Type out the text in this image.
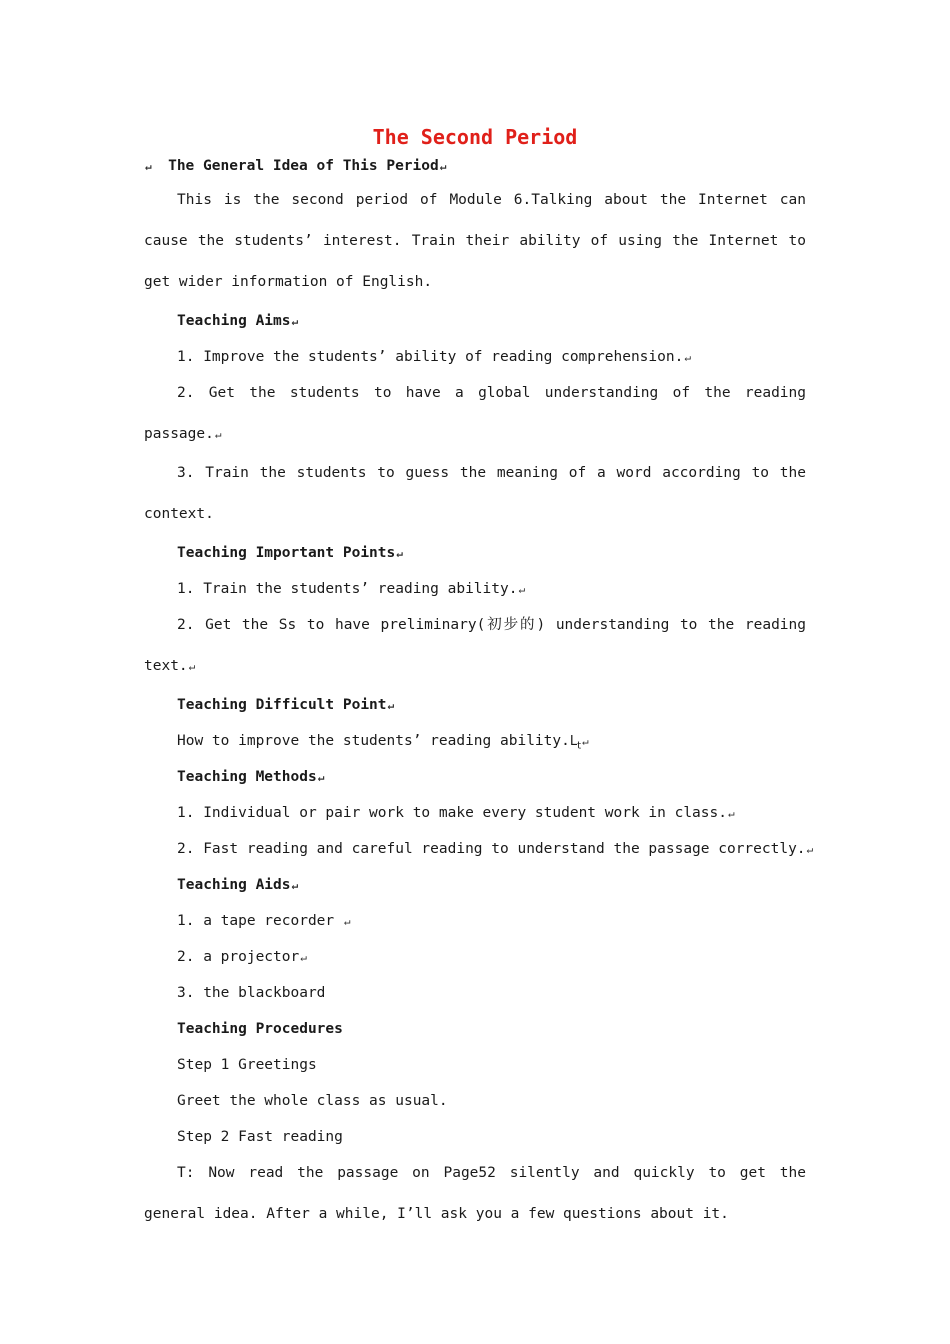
The Second Period
↵ The General Idea of This Period↵

This is the second period of Module 6.Talking about the Internet can cause the students’ interest. Train their ability of using the Internet to get wider information of English.

Teaching Aims↵
1. Improve the students’ ability of reading comprehension.↵

2. Get the students to have a global understanding of the reading passage.↵

3. Train the students to guess the meaning of a word according to the context.

Teaching Important Points↵
1. Train the students’ reading ability.↵

2. Get the Ss to have preliminary(初步的) understanding to the reading text.↵

Teaching Difficult Point↵
How to improve the students’ reading $ability.L_t↵$
Teaching Methods↵
1. Individual or pair work to make every student work in class.↵
2. Fast reading and careful reading to understand the passage correctly.↵
Teaching Aids↵
1. a tape recorder ↵
2. a projector↵
3. the blackboard
Teaching Procedures
Step 1 Greetings
Greet the whole class as usual.
Step 2 Fast reading

T: Now read the passage on Page52 silently and quickly to get the general idea. After a while, I’ll ask you a few questions about it.
